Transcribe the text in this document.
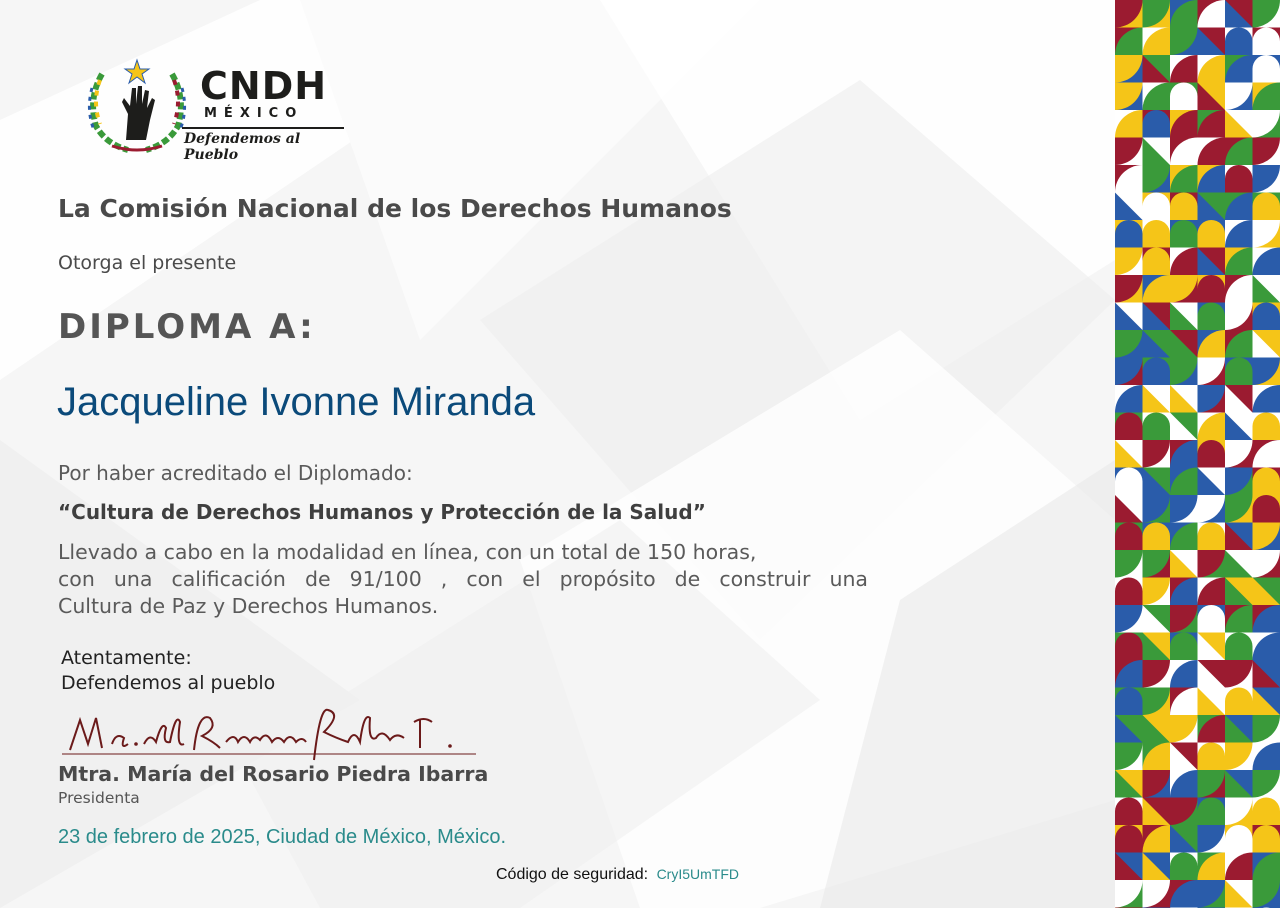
CNDH
MÉXICO
Defendemos al Pueblo
La Comisión Nacional de los Derechos Humanos
Otorga el presente
DIPLOMA A:
Jacqueline Ivonne Miranda
Por haber acreditado el Diplomado:
“Cultura de Derechos Humanos y Protección de la Salud”
Llevado a cabo en la modalidad en línea, con un total de 150 horas,
con una calificación de 91/100 , con el propósito de construir una
Cultura de Paz y Derechos Humanos.
Atentamente:
Defendemos al pueblo
Mtra. María del Rosario Piedra Ibarra
Presidenta
23 de febrero de 2025, Ciudad de México, México.
Código de seguridad: CryI5UmTFD
